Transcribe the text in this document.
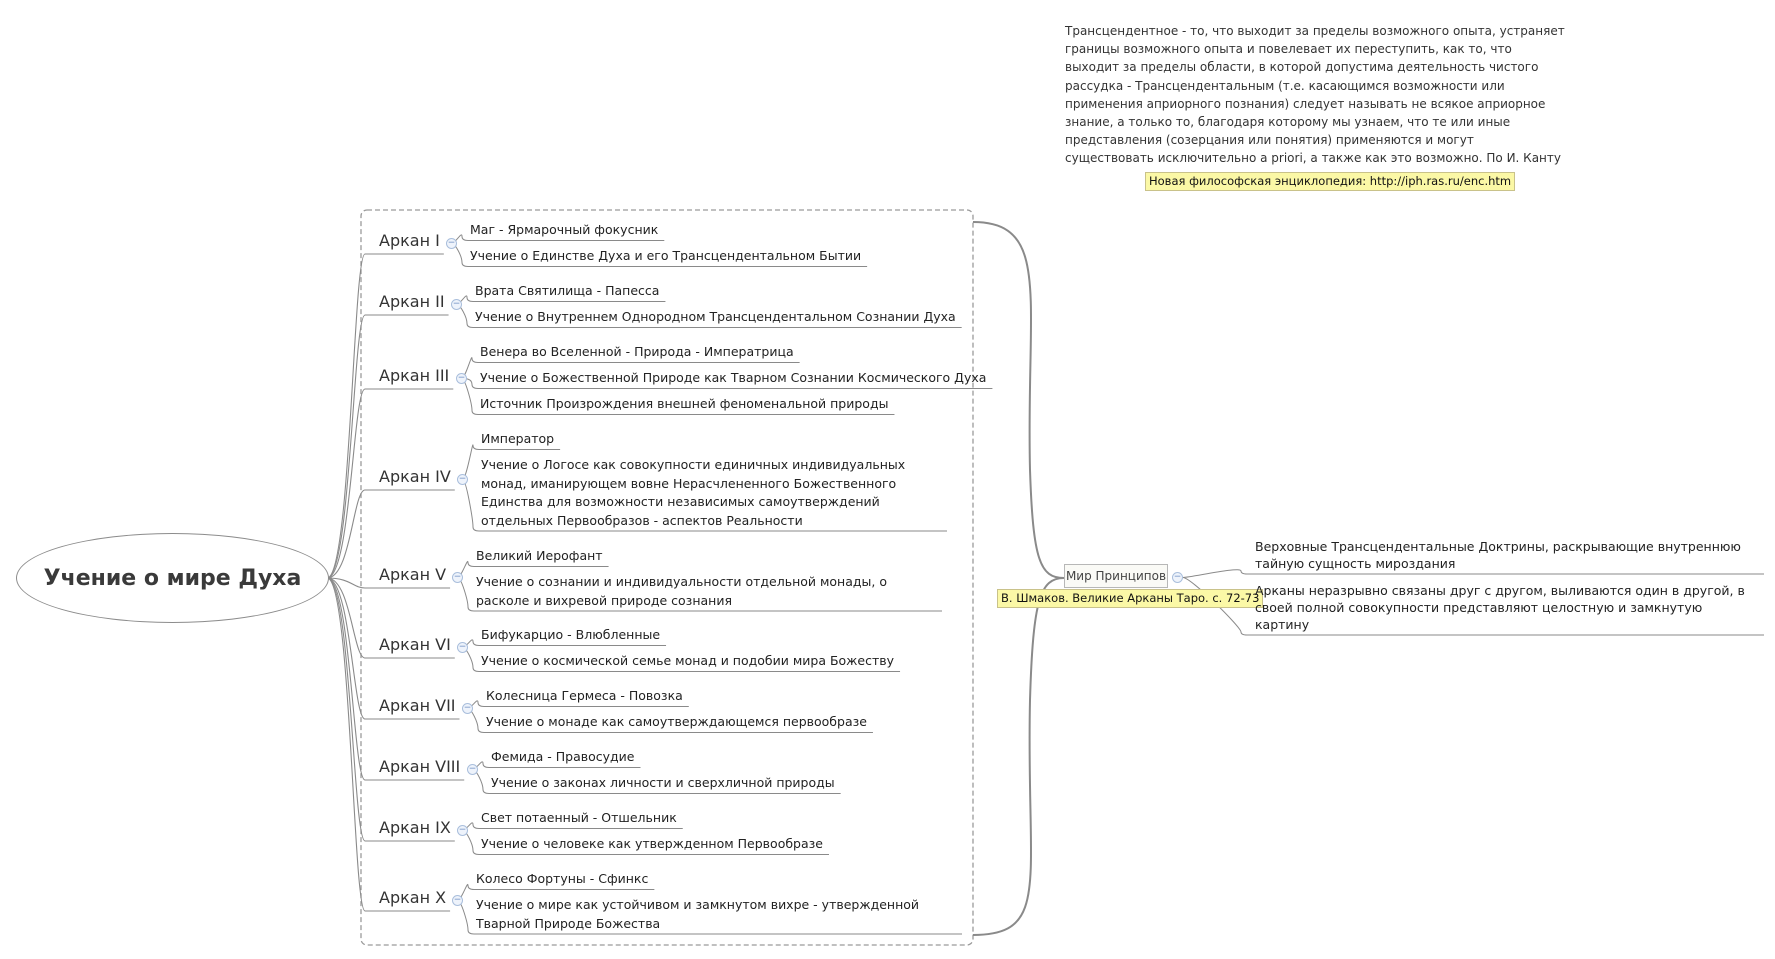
Учение о мире Духа
Аркан I
Аркан II
Аркан III
Аркан IV
Аркан V
Аркан VI
Аркан VII
Аркан VIII
Аркан IX
Аркан X
−
−
−
−
−
−
−
−
−
−
Маг - Ярмарочный фокусник
Учение о Единстве Духа и его Трансцендентальном Бытии
Врата Святилища - Папесса
Учение о Внутреннем Однородном Трансцендентальном Сознании Духа
Венера во Вселенной - Природа - Императрица
Учение о Божественной Природе как Тварном Сознании Космического Духа
Источник Произрождения внешней феноменальной природы
Император
Учение о Логосе как совокупности единичных индивидуальных монад, иманирующем вовне Нерасчлененного Божественного Единства для возможности независимых самоутверждений отдельных Первообразов - аспектов Реальности
Великий Иерофант
Учение о сознании и индивидуальности отдельной монады, о расколе и вихревой природе сознания
Бифукарцио - Влюбленные
Учение о космической семье монад и подобии мира Божеству
Колесница Гермеса - Повозка
Учение о монаде как самоутверждающемся первообразе
Фемида - Правосудие
Учение о законах личности и сверхличной природы
Свет потаенный - Отшельник
Учение о человеке как утвержденном Первообразе
Колесо Фортуны - Сфинкс
Учение о мире как устойчивом и замкнутом вихре - утвержденной Тварной Природе Божества
Трансцендентное - то, что выходит за пределы возможного опыта, устраняет границы возможного опыта и повелевает их переступить, как то, что выходит за пределы области, в которой допустима деятельность чистого рассудка - Трансцендентальным (т.е. касающимся возможности или применения априорного познания) следует называть не всякое априорное знание, а только то, благодаря которому мы узнаем, что те или иные представления (созерцания или понятия) применяются и могут существовать исключительно a priori, а также как это возможно. По И. Канту
Новая философская энциклопедия: http://iph.ras.ru/enc.htm
Мир Принципов −
В. Шмаков. Великие Арканы Таро. с. 72-73
Верховные Трансцендентальные Доктрины, раскрывающие внутреннюю тайную сущность мироздания
Арканы неразрывно связаны друг с другом, выливаются один в другой, в своей полной совокупности представляют целостную и замкнутую картину
